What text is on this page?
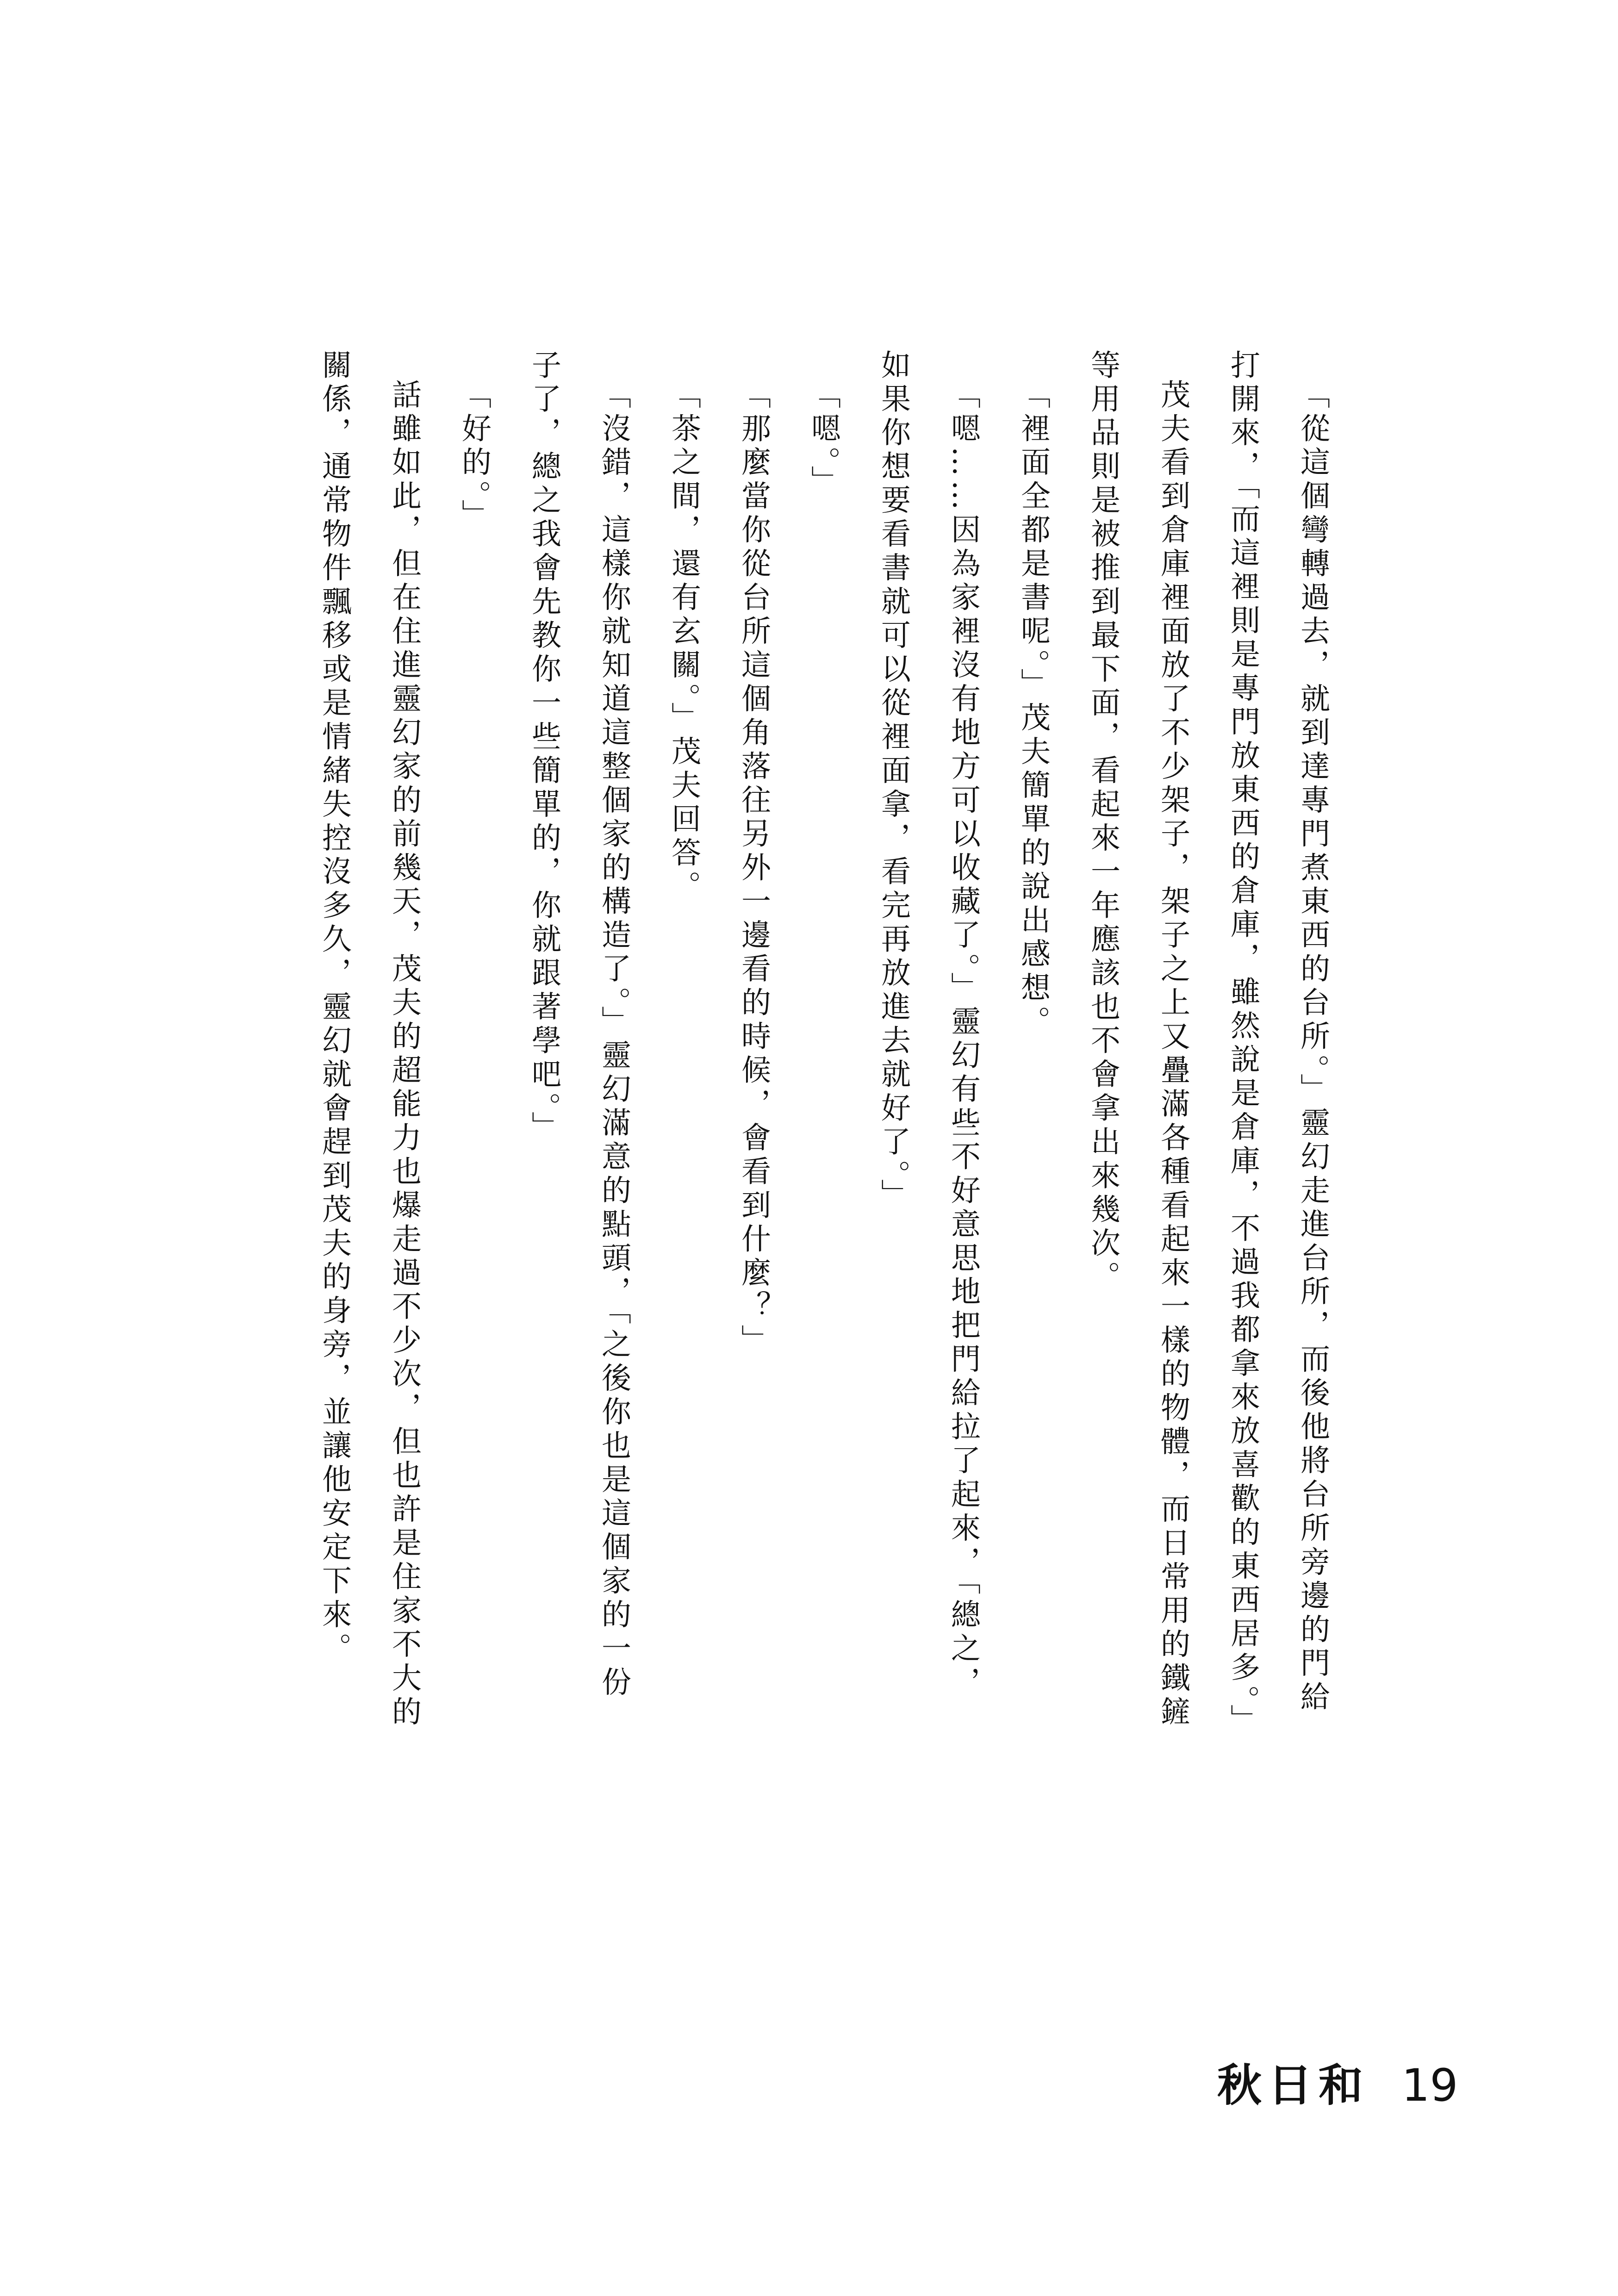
「從這個彎轉過去，就到達專門煮東西的台所。」靈幻走進台所，而後他將台所旁邊的門給

打開來，「而這裡則是專門放東西的倉庫，雖然說是倉庫，不過我都拿來放喜歡的東西居多。」

茂夫看到倉庫裡面放了不少架子，架子之上又疊滿各種看起來一樣的物體，而日常用的鐵鏟

等用品則是被推到最下面，看起來一年應該也不會拿出來幾次。

「裡面全都是書呢。」茂夫簡單的說出感想。

「嗯……因為家裡沒有地方可以收藏了。」靈幻有些不好意思地把門給拉了起來，「總之，

如果你想要看書就可以從裡面拿，看完再放進去就好了。」

「嗯。」

「那麼當你從台所這個角落往另外一邊看的時候，會看到什麼？」

「茶之間，還有玄關。」茂夫回答。

「沒錯，這樣你就知道這整個家的構造了。」靈幻滿意的點頭，「之後你也是這個家的一份

子了，總之我會先教你一些簡單的，你就跟著學吧。」

「好的。」

話雖如此，但在住進靈幻家的前幾天，茂夫的超能力也爆走過不少次，但也許是住家不大的

關係，通常物件飄移或是情緒失控沒多久，靈幻就會趕到茂夫的身旁，並讓他安定下來。

秋日和 19
